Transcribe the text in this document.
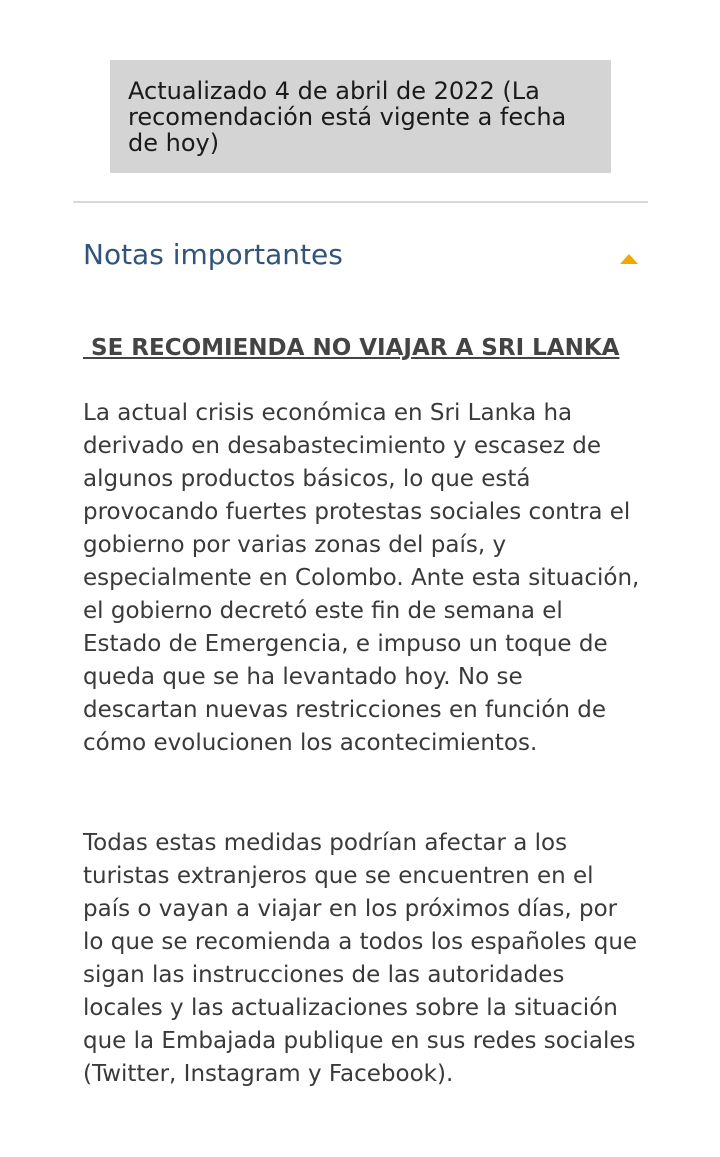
Actualizado 4 de abril de 2022 (La recomendación está vigente a fecha de hoy)
Notas importantes
SE RECOMIENDA NO VIAJAR A SRI LANKA

La actual crisis económica en Sri Lanka ha derivado en desabastecimiento y escasez de algunos productos básicos, lo que está provocando fuertes protestas sociales contra el gobierno por varias zonas del país, y especialmente en Colombo. Ante esta situación, el gobierno decretó este fin de semana el Estado de Emergencia, e impuso un toque de queda que se ha levantado hoy. No se descartan nuevas restricciones en función de cómo evolucionen los acontecimientos.

Todas estas medidas podrían afectar a los turistas extranjeros que se encuentren en el país o vayan a viajar en los próximos días, por lo que se recomienda a todos los españoles que sigan las instrucciones de las autoridades locales y las actualizaciones sobre la situación que la Embajada publique en sus redes sociales (Twitter, Instagram y Facebook).
